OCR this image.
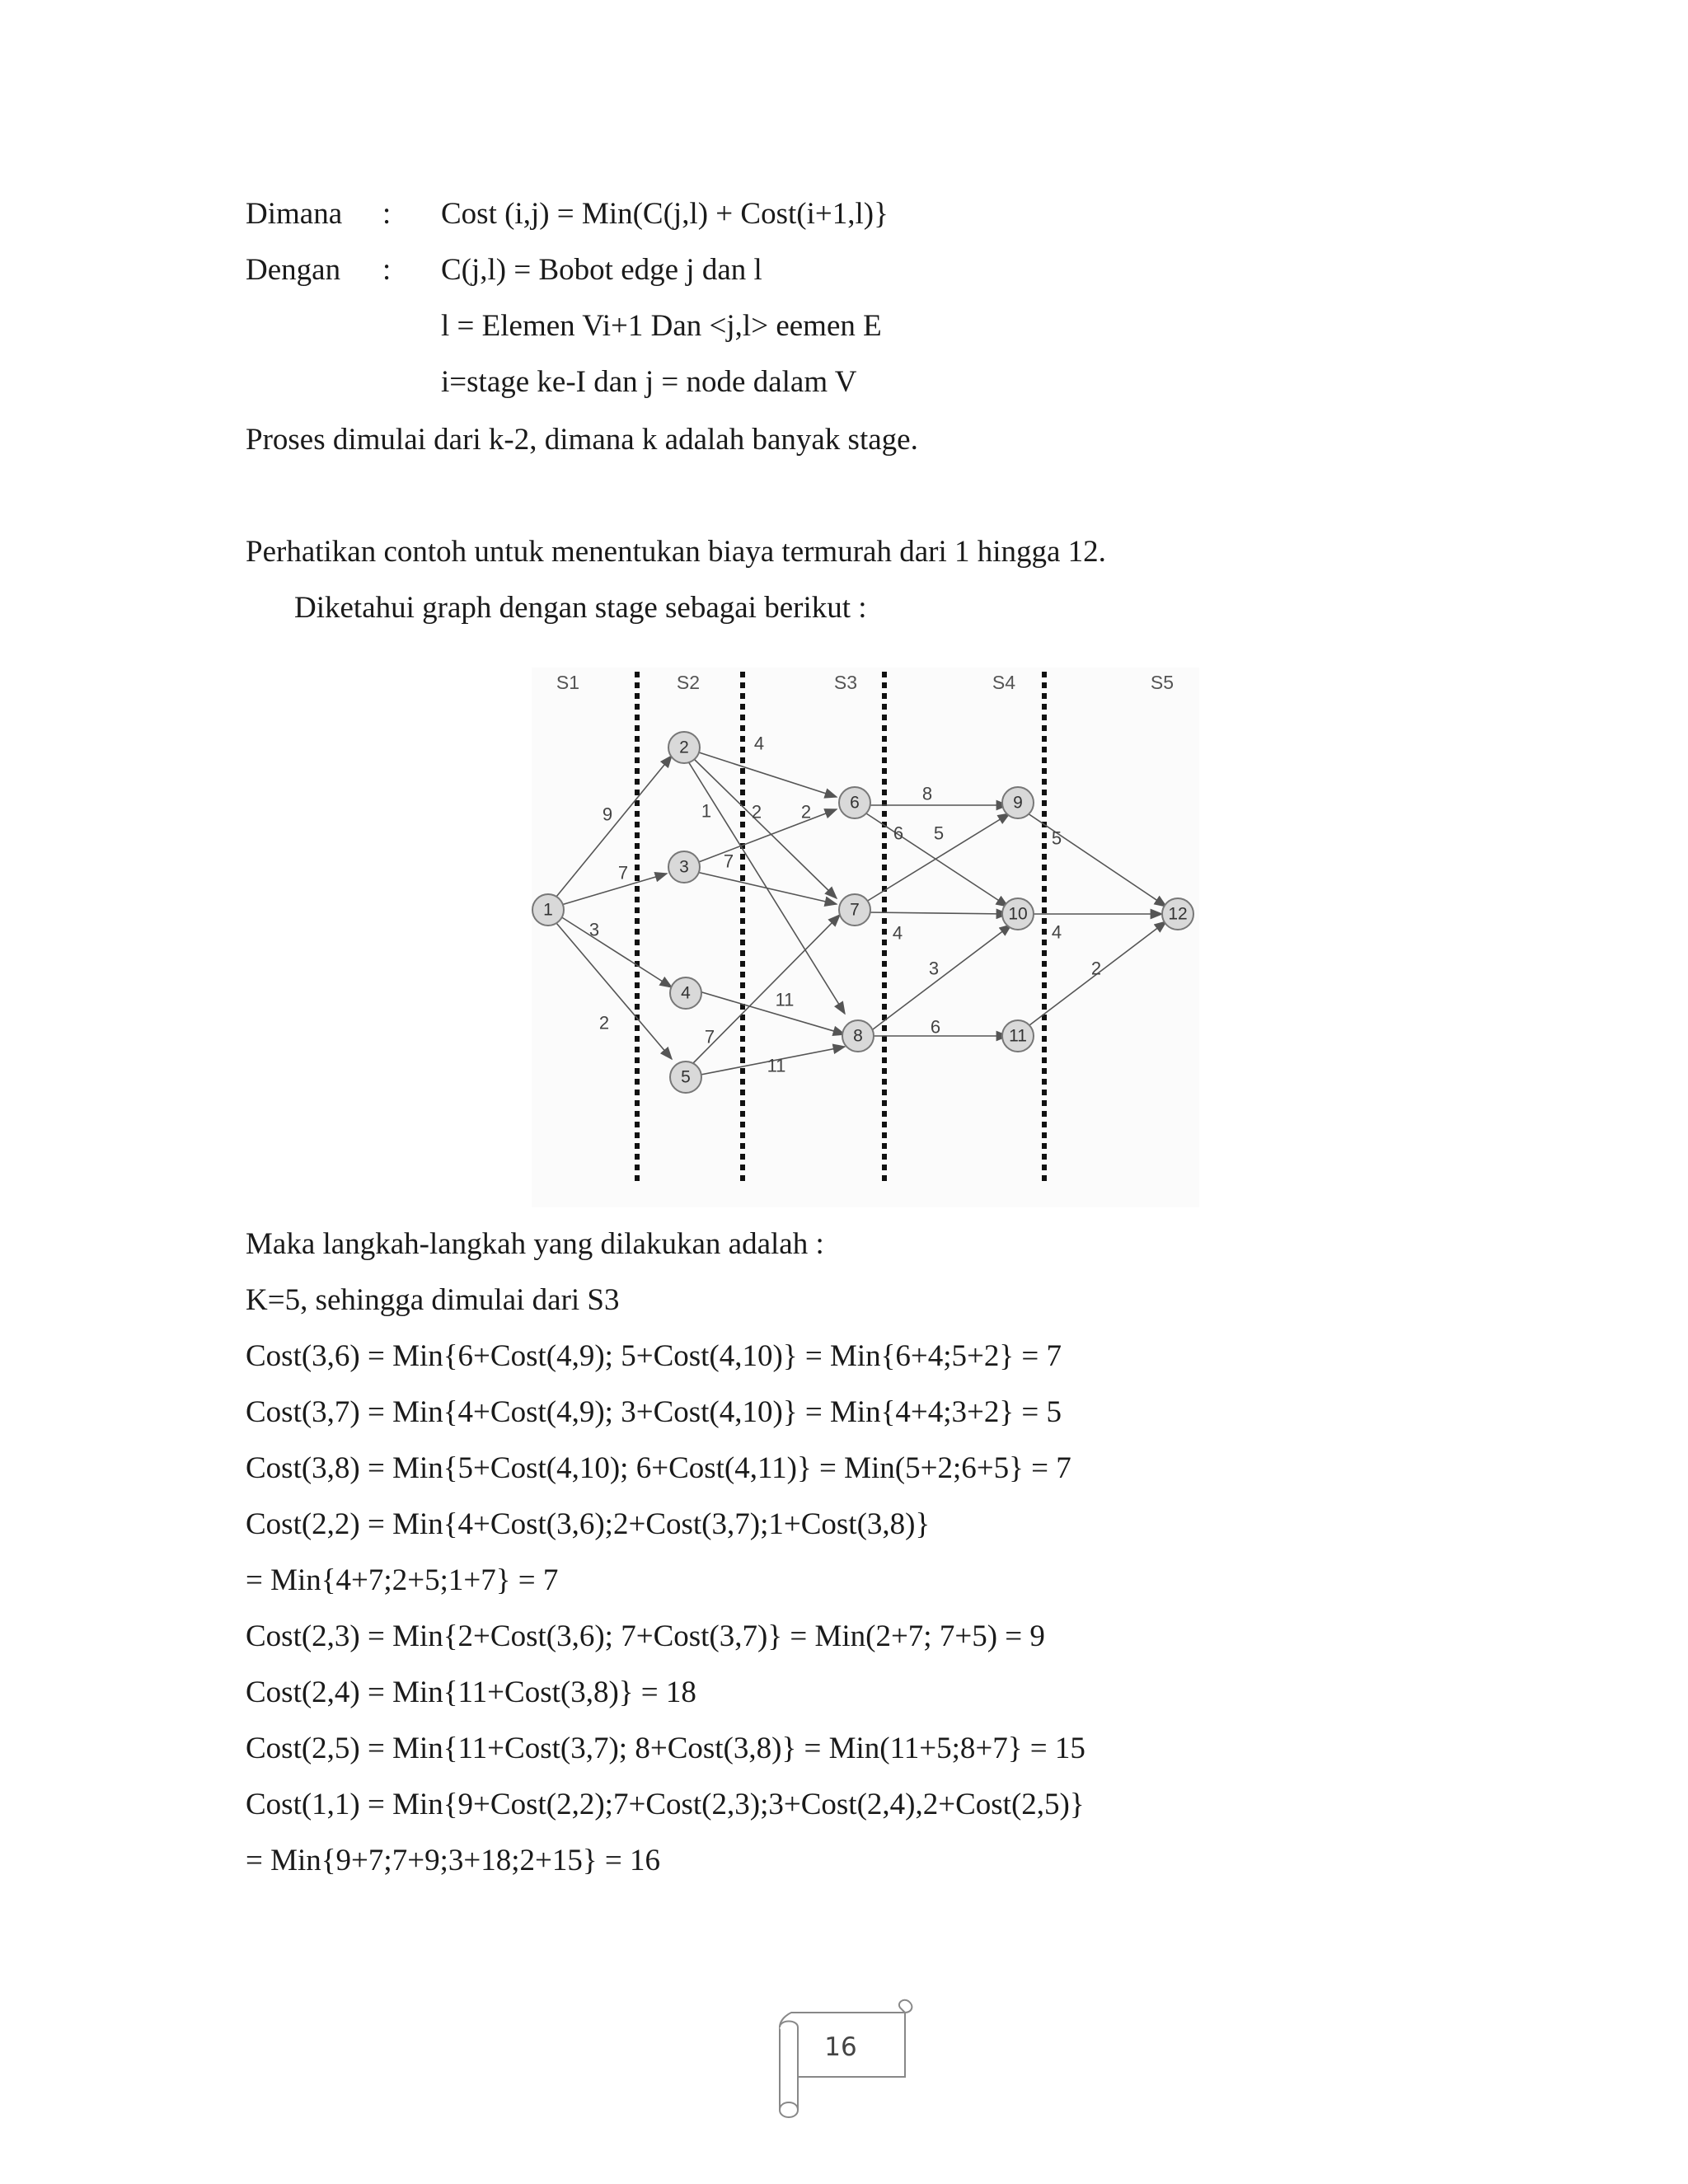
Dimana : Cost (i,j) = Min(C(j,l) + Cost(i+1,l)}
Dengan : C(j,l) = Bobot edge j dan l
l = Elemen Vi+1 Dan <j,l> eemen E
i=stage ke-I dan j = node dalam V
Proses dimulai dari k-2, dimana k adalah banyak stage.
Perhatikan contoh untuk menentukan biaya termurah dari 1 hingga 12.
Diketahui graph dengan stage sebagai berikut :
S1	S2	S3	S4	S5
9
7
3
2
4
1 2 2
7
7
11
11
8
6 5
4
3
6
5
4
2
1
2
3
4
5
6
7
8
9
10
11
12
Maka langkah-langkah yang dilakukan adalah :
K=5, sehingga dimulai dari S3
Cost(3,6) = Min{6+Cost(4,9); 5+Cost(4,10)} = Min{6+4;5+2} = 7
Cost(3,7) = Min{4+Cost(4,9); 3+Cost(4,10)} = Min{4+4;3+2} = 5
Cost(3,8) = Min{5+Cost(4,10); 6+Cost(4,11)} = Min(5+2;6+5} = 7
Cost(2,2) = Min{4+Cost(3,6);2+Cost(3,7);1+Cost(3,8)}
= Min{4+7;2+5;1+7} = 7
Cost(2,3) = Min{2+Cost(3,6); 7+Cost(3,7)} = Min(2+7; 7+5) = 9
Cost(2,4) = Min{11+Cost(3,8)} = 18
Cost(2,5) = Min{11+Cost(3,7); 8+Cost(3,8)} = Min(11+5;8+7} = 15
Cost(1,1) = Min{9+Cost(2,2);7+Cost(2,3);3+Cost(2,4),2+Cost(2,5)}
= Min{9+7;7+9;3+18;2+15} = 16
16
